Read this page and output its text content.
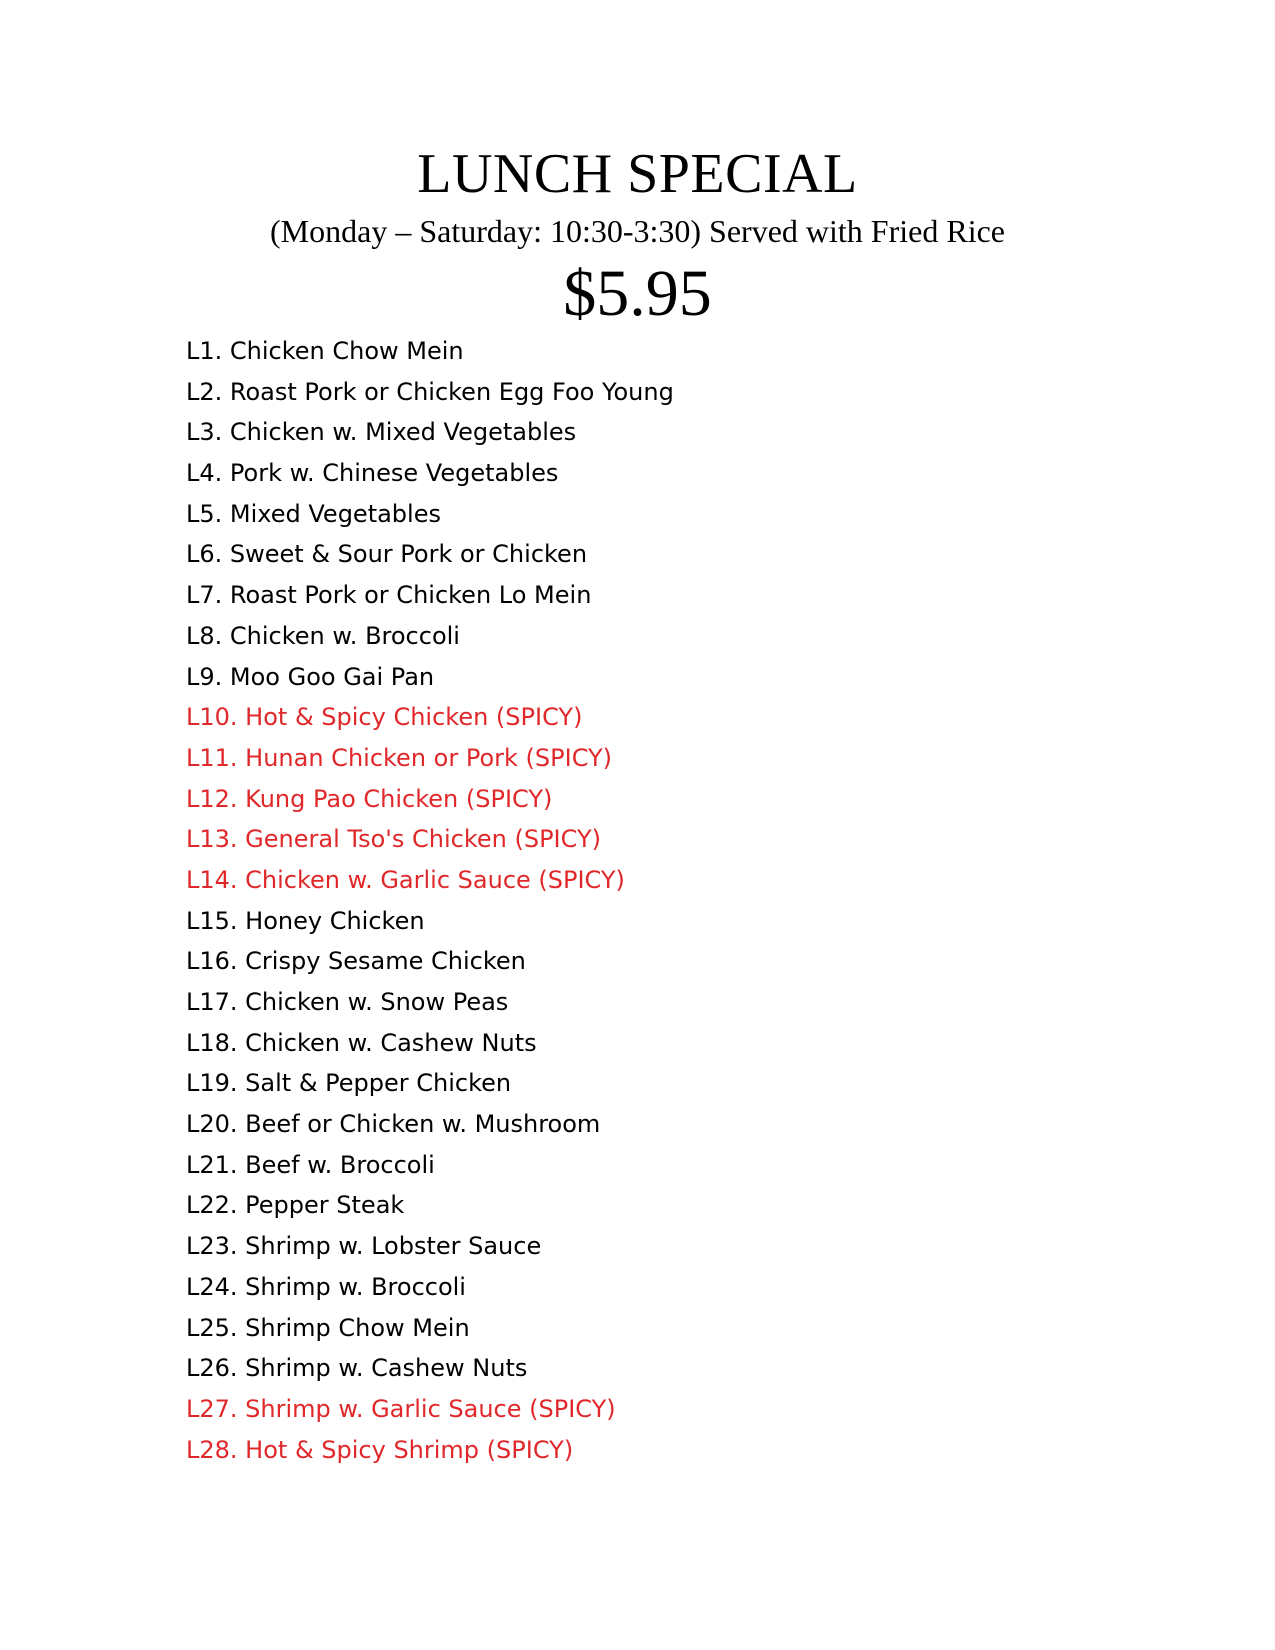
LUNCH SPECIAL
(Monday – Saturday: 10:30-3:30) Served with Fried Rice
$5.95
L1. Chicken Chow Mein
L2. Roast Pork or Chicken Egg Foo Young
L3. Chicken w. Mixed Vegetables
L4. Pork w. Chinese Vegetables
L5. Mixed Vegetables
L6. Sweet & Sour Pork or Chicken
L7. Roast Pork or Chicken Lo Mein
L8. Chicken w. Broccoli
L9. Moo Goo Gai Pan
L10. Hot & Spicy Chicken (SPICY)
L11. Hunan Chicken or Pork (SPICY)
L12. Kung Pao Chicken (SPICY)
L13. General Tso's Chicken (SPICY)
L14. Chicken w. Garlic Sauce (SPICY)
L15. Honey Chicken
L16. Crispy Sesame Chicken
L17. Chicken w. Snow Peas
L18. Chicken w. Cashew Nuts
L19. Salt & Pepper Chicken
L20. Beef or Chicken w. Mushroom
L21. Beef w. Broccoli
L22. Pepper Steak
L23. Shrimp w. Lobster Sauce
L24. Shrimp w. Broccoli
L25. Shrimp Chow Mein
L26. Shrimp w. Cashew Nuts
L27. Shrimp w. Garlic Sauce (SPICY)
L28. Hot & Spicy Shrimp (SPICY)
